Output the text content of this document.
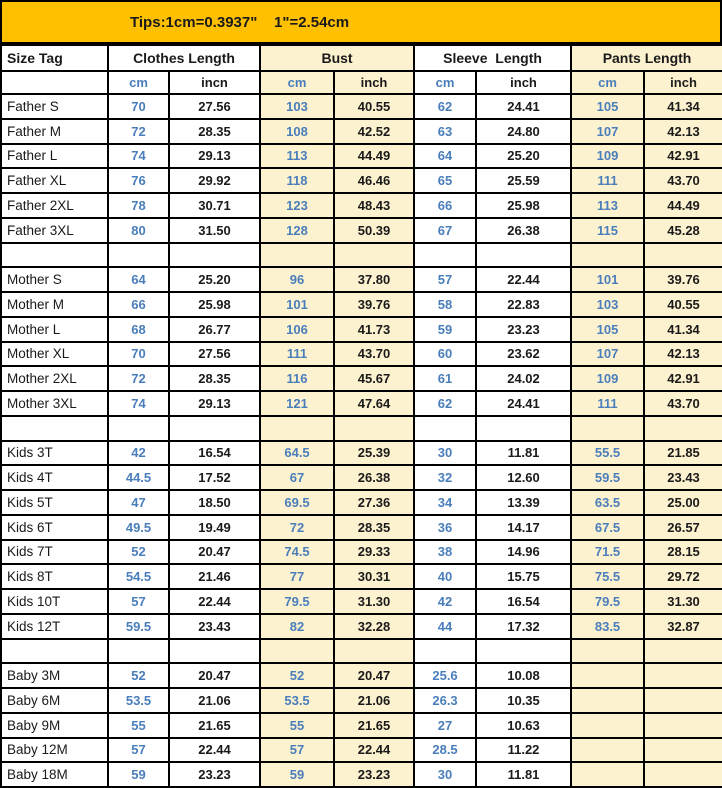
Tips:1cm=0.3937"    1"=2.54cm
Size Tag	Clothes Length		Bust		Sleeve  Length		Pants Length	
	cm	incn	cm	inch	cm	inch	cm	inch
Father S	70	27.56	103	40.55	62	24.41	105	41.34
Father M	72	28.35	108	42.52	63	24.80	107	42.13
Father L	74	29.13	113	44.49	64	25.20	109	42.91
Father XL	76	29.92	118	46.46	65	25.59	111	43.70
Father 2XL	78	30.71	123	48.43	66	25.98	113	44.49
Father 3XL	80	31.50	128	50.39	67	26.38	115	45.28

Mother S	64	25.20	96	37.80	57	22.44	101	39.76
Mother M	66	25.98	101	39.76	58	22.83	103	40.55
Mother L	68	26.77	106	41.73	59	23.23	105	41.34
Mother XL	70	27.56	111	43.70	60	23.62	107	42.13
Mother 2XL	72	28.35	116	45.67	61	24.02	109	42.91
Mother 3XL	74	29.13	121	47.64	62	24.41	111	43.70

Kids 3T	42	16.54	64.5	25.39	30	11.81	55.5	21.85
Kids 4T	44.5	17.52	67	26.38	32	12.60	59.5	23.43
Kids 5T	47	18.50	69.5	27.36	34	13.39	63.5	25.00
Kids 6T	49.5	19.49	72	28.35	36	14.17	67.5	26.57
Kids 7T	52	20.47	74.5	29.33	38	14.96	71.5	28.15
Kids 8T	54.5	21.46	77	30.31	40	15.75	75.5	29.72
Kids 10T	57	22.44	79.5	31.30	42	16.54	79.5	31.30
Kids 12T	59.5	23.43	82	32.28	44	17.32	83.5	32.87

Baby 3M	52	20.47	52	20.47	25.6	10.08		
Baby 6M	53.5	21.06	53.5	21.06	26.3	10.35		
Baby 9M	55	21.65	55	21.65	27	10.63		
Baby 12M	57	22.44	57	22.44	28.5	11.22		
Baby 18M	59	23.23	59	23.23	30	11.81		
